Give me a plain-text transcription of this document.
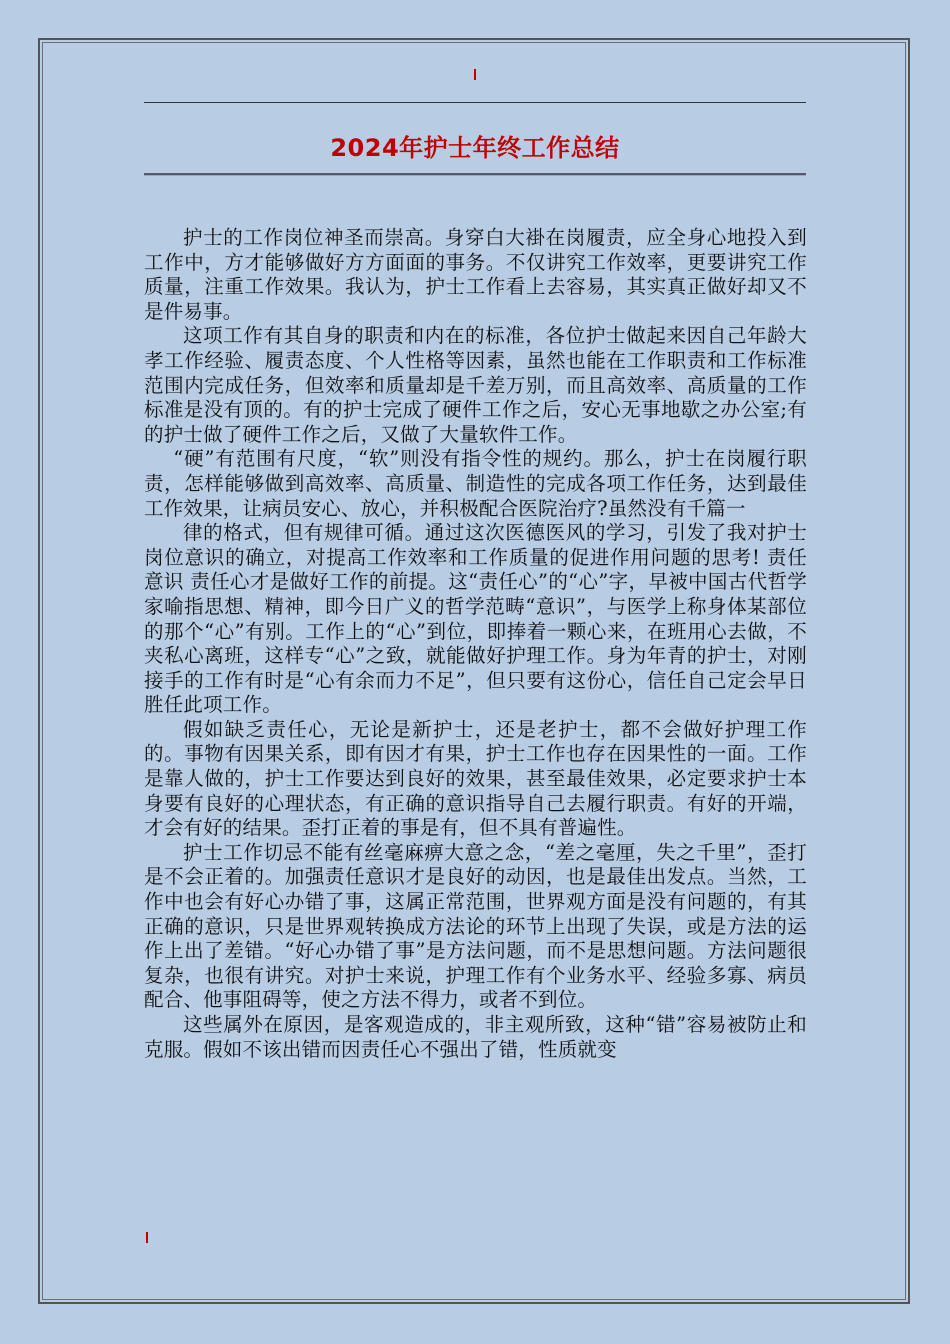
2024年护士年终工作总结

护士的工作岗位神圣而崇高。身穿白大褂在岗履责，应全身心地投入到工作中，方才能够做好方方面面的事务。不仅讲究工作效率，更要讲究工作质量，注重工作效果。我认为，护士工作看上去容易，其实真正做好却又不是件易事。

这项工作有其自身的职责和内在的标准，各位护士做起来因自己年龄大孝工作经验、履责态度、个人性格等因素，虽然也能在工作职责和工作标准范围内完成任务，但效率和质量却是千差万别，而且高效率、高质量的工作标准是没有顶的。有的护士完成了硬件工作之后，安心无事地歇之办公室;有的护士做了硬件工作之后，又做了大量软件工作。

“硬”有范围有尺度，“软”则没有指令性的规约。那么，护士在岗履行职责，怎样能够做到高效率、高质量、制造性的完成各项工作任务，达到最佳工作效果，让病员安心、放心，并积极配合医院治疗?虽然没有千篇一

律的格式，但有规律可循。通过这次医德医风的学习，引发了我对护士岗位意识的确立，对提高工作效率和工作质量的促进作用问题的思考! 责任意识 责任心才是做好工作的前提。这“责任心”的“心”字，早被中国古代哲学家喻指思想、精神，即今日广义的哲学范畴“意识”，与医学上称身体某部位的那个“心”有别。工作上的“心”到位，即捧着一颗心来，在班用心去做，不夹私心离班，这样专“心”之致，就能做好护理工作。身为年青的护士，对刚接手的工作有时是“心有余而力不足”，但只要有这份心，信任自己定会早日胜任此项工作。

假如缺乏责任心，无论是新护士，还是老护士，都不会做好护理工作的。事物有因果关系，即有因才有果，护士工作也存在因果性的一面。工作是靠人做的，护士工作要达到良好的效果，甚至最佳效果，必定要求护士本身要有良好的心理状态，有正确的意识指导自己去履行职责。有好的开端，才会有好的结果。歪打正着的事是有，但不具有普遍性。

护士工作切忌不能有丝毫麻痹大意之念，“差之毫厘，失之千里”，歪打是不会正着的。加强责任意识才是良好的动因，也是最佳出发点。当然，工作中也会有好心办错了事，这属正常范围，世界观方面是没有问题的，有其正确的意识，只是世界观转换成方法论的环节上出现了失误，或是方法的运作上出了差错。“好心办错了事”是方法问题，而不是思想问题。方法问题很复杂，也很有讲究。对护士来说，护理工作有个业务水平、经验多寡、病员配合、他事阻碍等，使之方法不得力，或者不到位。

这些属外在原因，是客观造成的，非主观所致，这种“错”容易被防止和克服。假如不该出错而因责任心不强出了错，性质就变
